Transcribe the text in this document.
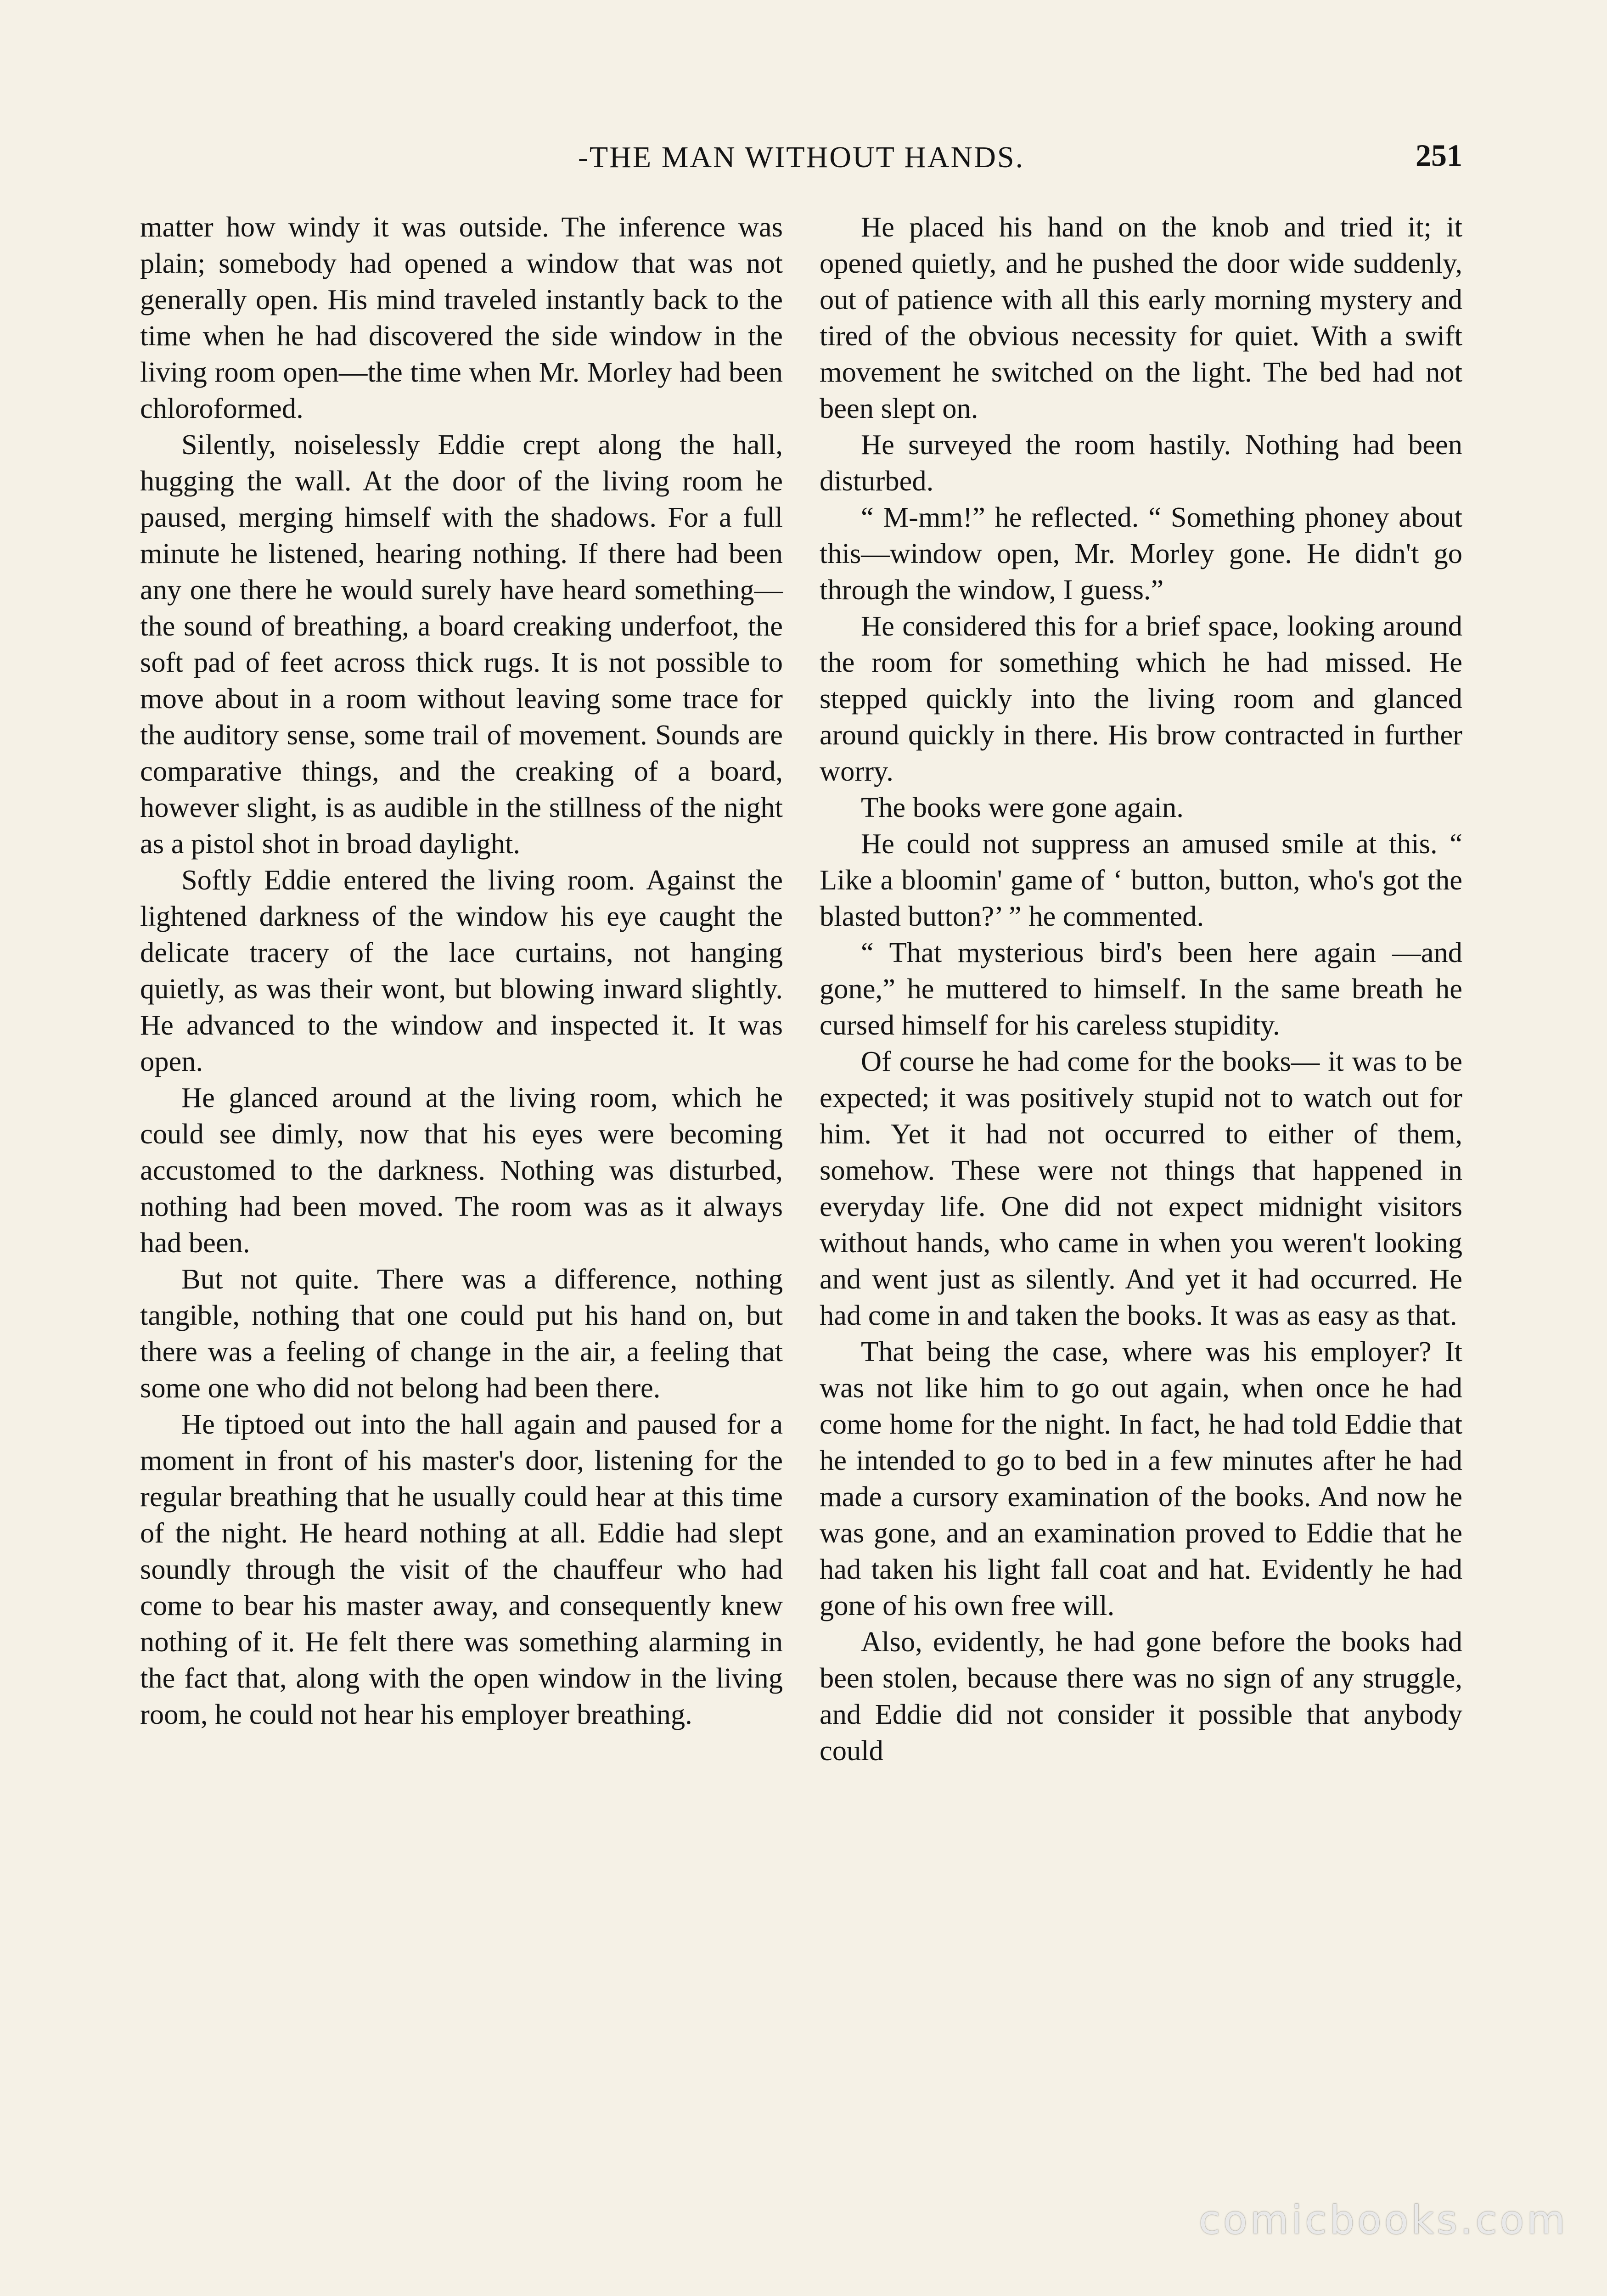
-THE MAN WITHOUT HANDS.	251

matter how windy it was outside. The inference was plain; somebody had opened a window that was not generally open. His mind traveled instantly back to the time when he had discovered the side window in the living room open—the time when Mr. Morley had been chloroformed.

Silently, noiselessly Eddie crept along the hall, hugging the wall. At the door of the living room he paused, merging himself with the shadows. For a full minute he listened, hearing nothing. If there had been any one there he would surely have heard something—the sound of breathing, a board creaking underfoot, the soft pad of feet across thick rugs. It is not possible to move about in a room without leaving some trace for the auditory sense, some trail of movement. Sounds are comparative things, and the creaking of a board, however slight, is as audible in the stillness of the night as a pistol shot in broad daylight.

Softly Eddie entered the living room. Against the lightened darkness of the window his eye caught the delicate tracery of the lace curtains, not hanging quietly, as was their wont, but blowing inward slightly. He advanced to the window and inspected it. It was open.

He glanced around at the living room, which he could see dimly, now that his eyes were becoming accustomed to the darkness. Nothing was disturbed, nothing had been moved. The room was as it always had been.

But not quite. There was a difference, nothing tangible, nothing that one could put his hand on, but there was a feeling of change in the air, a feeling that some one who did not belong had been there.

He tiptoed out into the hall again and paused for a moment in front of his master's door, listening for the regular breathing that he usually could hear at this time of the night. He heard nothing at all. Eddie had slept soundly through the visit of the chauffeur who had come to bear his master away, and consequently knew nothing of it. He felt there was something alarming in the fact that, along with the open window in the living room, he could not hear his employer breathing.

He placed his hand on the knob and tried it; it opened quietly, and he pushed the door wide suddenly, out of patience with all this early morning mystery and tired of the obvious necessity for quiet. With a swift movement he switched on the light. The bed had not been slept on.

He surveyed the room hastily. Nothing had been disturbed.

“ M-mm!” he reflected. “ Something phoney about this—window open, Mr. Morley gone. He didn't go through the window, I guess.”

He considered this for a brief space, looking around the room for something which he had missed. He stepped quickly into the living room and glanced around quickly in there. His brow contracted in further worry.

The books were gone again.

He could not suppress an amused smile at this. “ Like a bloomin' game of ‘ button, button, who's got the blasted button?’ ” he commented.

“ That mysterious bird's been here again —and gone,” he muttered to himself. In the same breath he cursed himself for his careless stupidity.

Of course he had come for the books— it was to be expected; it was positively stupid not to watch out for him. Yet it had not occurred to either of them, somehow. These were not things that happened in everyday life. One did not expect midnight visitors without hands, who came in when you weren't looking and went just as silently. And yet it had occurred. He had come in and taken the books. It was as easy as that.

That being the case, where was his employer? It was not like him to go out again, when once he had come home for the night. In fact, he had told Eddie that he intended to go to bed in a few minutes after he had made a cursory examination of the books. And now he was gone, and an examination proved to Eddie that he had taken his light fall coat and hat. Evidently he had gone of his own free will.

Also, evidently, he had gone before the books had been stolen, because there was no sign of any struggle, and Eddie did not consider it possible that anybody could

comicbooks.com
